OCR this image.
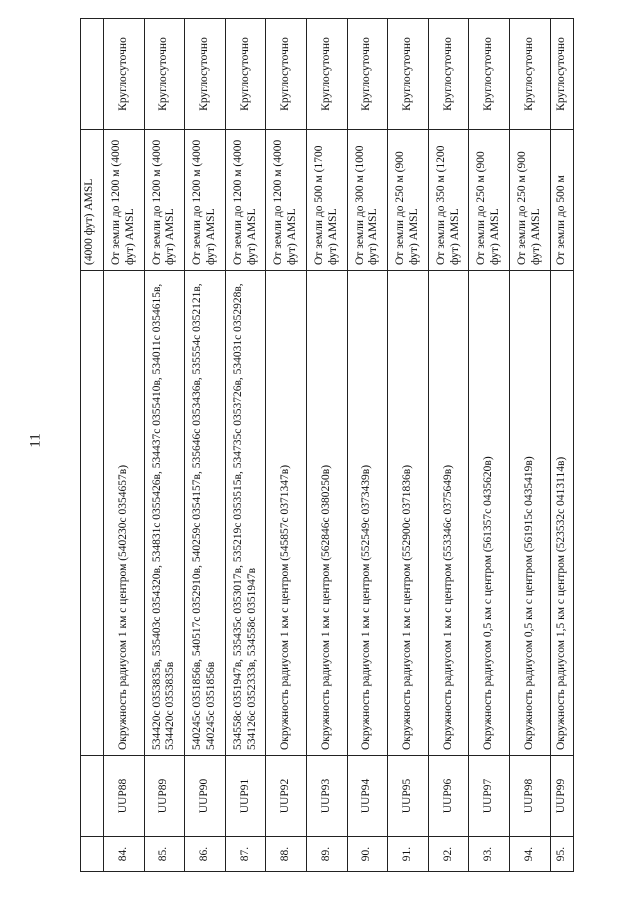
11
			(4000 фут) AMSL	
84.	UUP88	Окружность радиусом 1 км с центром (540230с 0354657в)	От земли до 1200 м (4000 фут) AMSL	Круглосуточно
85.	UUP89	534420с 0353835в, 535403с 0354320в, 534831с 0355426в, 534437с 0355410в, 534011с 0354615в, 534420с 0353835в	От земли до 1200 м (4000 фут) AMSL	Круглосуточно
86.	UUP90	540245с 0351856в, 540517с 0352910в, 540259с 0354157в, 535646с 0353436в, 535554с 0352121в, 540245с 0351856в	От земли до 1200 м (4000 фут) AMSL	Круглосуточно
87.	UUP91	534558с 0351947в, 535435с 0353017в, 535219с 0353515в, 534735с 0353726в, 534031с 0352928в, 534126с 0352333в, 534558с 0351947в	От земли до 1200 м (4000 фут) AMSL	Круглосуточно
88.	UUP92	Окружность радиусом 1 км с центром (545857с 0371347в)	От земли до 1200 м (4000 фут) AMSL	Круглосуточно
89.	UUP93	Окружность радиусом 1 км с центром (562846с 0380250в)	От земли до 500 м (1700 фут) AMSL	Круглосуточно
90.	UUP94	Окружность радиусом 1 км с центром (552549с 0373439в)	От земли до 300 м (1000 фут) AMSL	Круглосуточно
91.	UUP95	Окружность радиусом 1 км с центром (552900с 0371836в)	От земли до 250 м (900 фут) AMSL	Круглосуточно
92.	UUP96	Окружность радиусом 1 км с центром (553346с 0375649в)	От земли до 350 м (1200 фут) AMSL	Круглосуточно
93.	UUP97	Окружность радиусом 0,5 км с центром (561357с 0435620в)	От земли до 250 м (900 фут) AMSL	Круглосуточно
94.	UUP98	Окружность радиусом 0,5 км с центром (561915с 0435419в)	От земли до 250 м (900 фут) AMSL	Круглосуточно
95.	UUP99	Окружность радиусом 1,5 км с центром (523532с 0413114в)	От земли до 500 м	Круглосуточно
